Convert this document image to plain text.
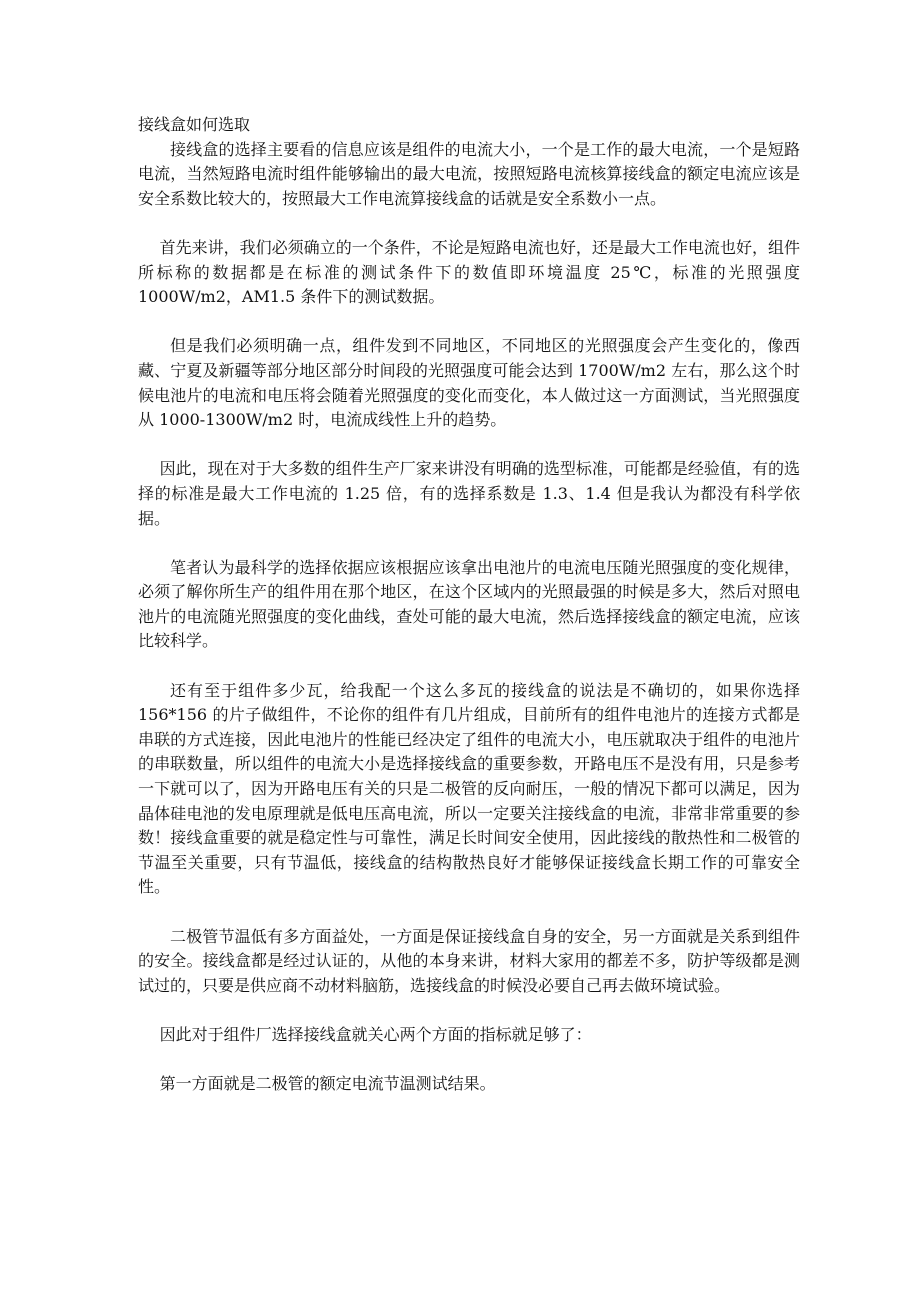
接线盒如何选取

接线盒的选择主要看的信息应该是组件的电流大小，一个是工作的最大电流，一个是短路电流，当然短路电流时组件能够输出的最大电流，按照短路电流核算接线盒的额定电流应该是安全系数比较大的，按照最大工作电流算接线盒的话就是安全系数小一点。

首先来讲，我们必须确立的一个条件，不论是短路电流也好，还是最大工作电流也好，组件所标称的数据都是在标准的测试条件下的数值即环境温度 25℃，标准的光照强度 1000W/m2，AM1.5 条件下的测试数据。

但是我们必须明确一点，组件发到不同地区，不同地区的光照强度会产生变化的，像西藏、宁夏及新疆等部分地区部分时间段的光照强度可能会达到 1700W/m2 左右，那么这个时候电池片的电流和电压将会随着光照强度的变化而变化，本人做过这一方面测试，当光照强度从 1000-1300W/m2 时，电流成线性上升的趋势。

因此，现在对于大多数的组件生产厂家来讲没有明确的选型标准，可能都是经验值，有的选择的标准是最大工作电流的 1.25 倍，有的选择系数是 1.3、1.4 但是我认为都没有科学依据。

笔者认为最科学的选择依据应该根据应该拿出电池片的电流电压随光照强度的变化规律，必须了解你所生产的组件用在那个地区，在这个区域内的光照最强的时候是多大，然后对照电池片的电流随光照强度的变化曲线，查处可能的最大电流，然后选择接线盒的额定电流，应该比较科学。

还有至于组件多少瓦，给我配一个这么多瓦的接线盒的说法是不确切的，如果你选择 156*156 的片子做组件，不论你的组件有几片组成，目前所有的组件电池片的连接方式都是串联的方式连接，因此电池片的性能已经决定了组件的电流大小，电压就取决于组件的电池片的串联数量，所以组件的电流大小是选择接线盒的重要参数，开路电压不是没有用，只是参考一下就可以了，因为开路电压有关的只是二极管的反向耐压，一般的情况下都可以满足，因为晶体硅电池的发电原理就是低电压高电流，所以一定要关注接线盒的电流，非常非常重要的参数！接线盒重要的就是稳定性与可靠性，满足长时间安全使用，因此接线的散热性和二极管的节温至关重要，只有节温低，接线盒的结构散热良好才能够保证接线盒长期工作的可靠安全性。

二极管节温低有多方面益处，一方面是保证接线盒自身的安全，另一方面就是关系到组件的安全。接线盒都是经过认证的，从他的本身来讲，材料大家用的都差不多，防护等级都是测试过的，只要是供应商不动材料脑筋，选接线盒的时候没必要自己再去做环境试验。

因此对于组件厂选择接线盒就关心两个方面的指标就足够了：

第一方面就是二极管的额定电流节温测试结果。
